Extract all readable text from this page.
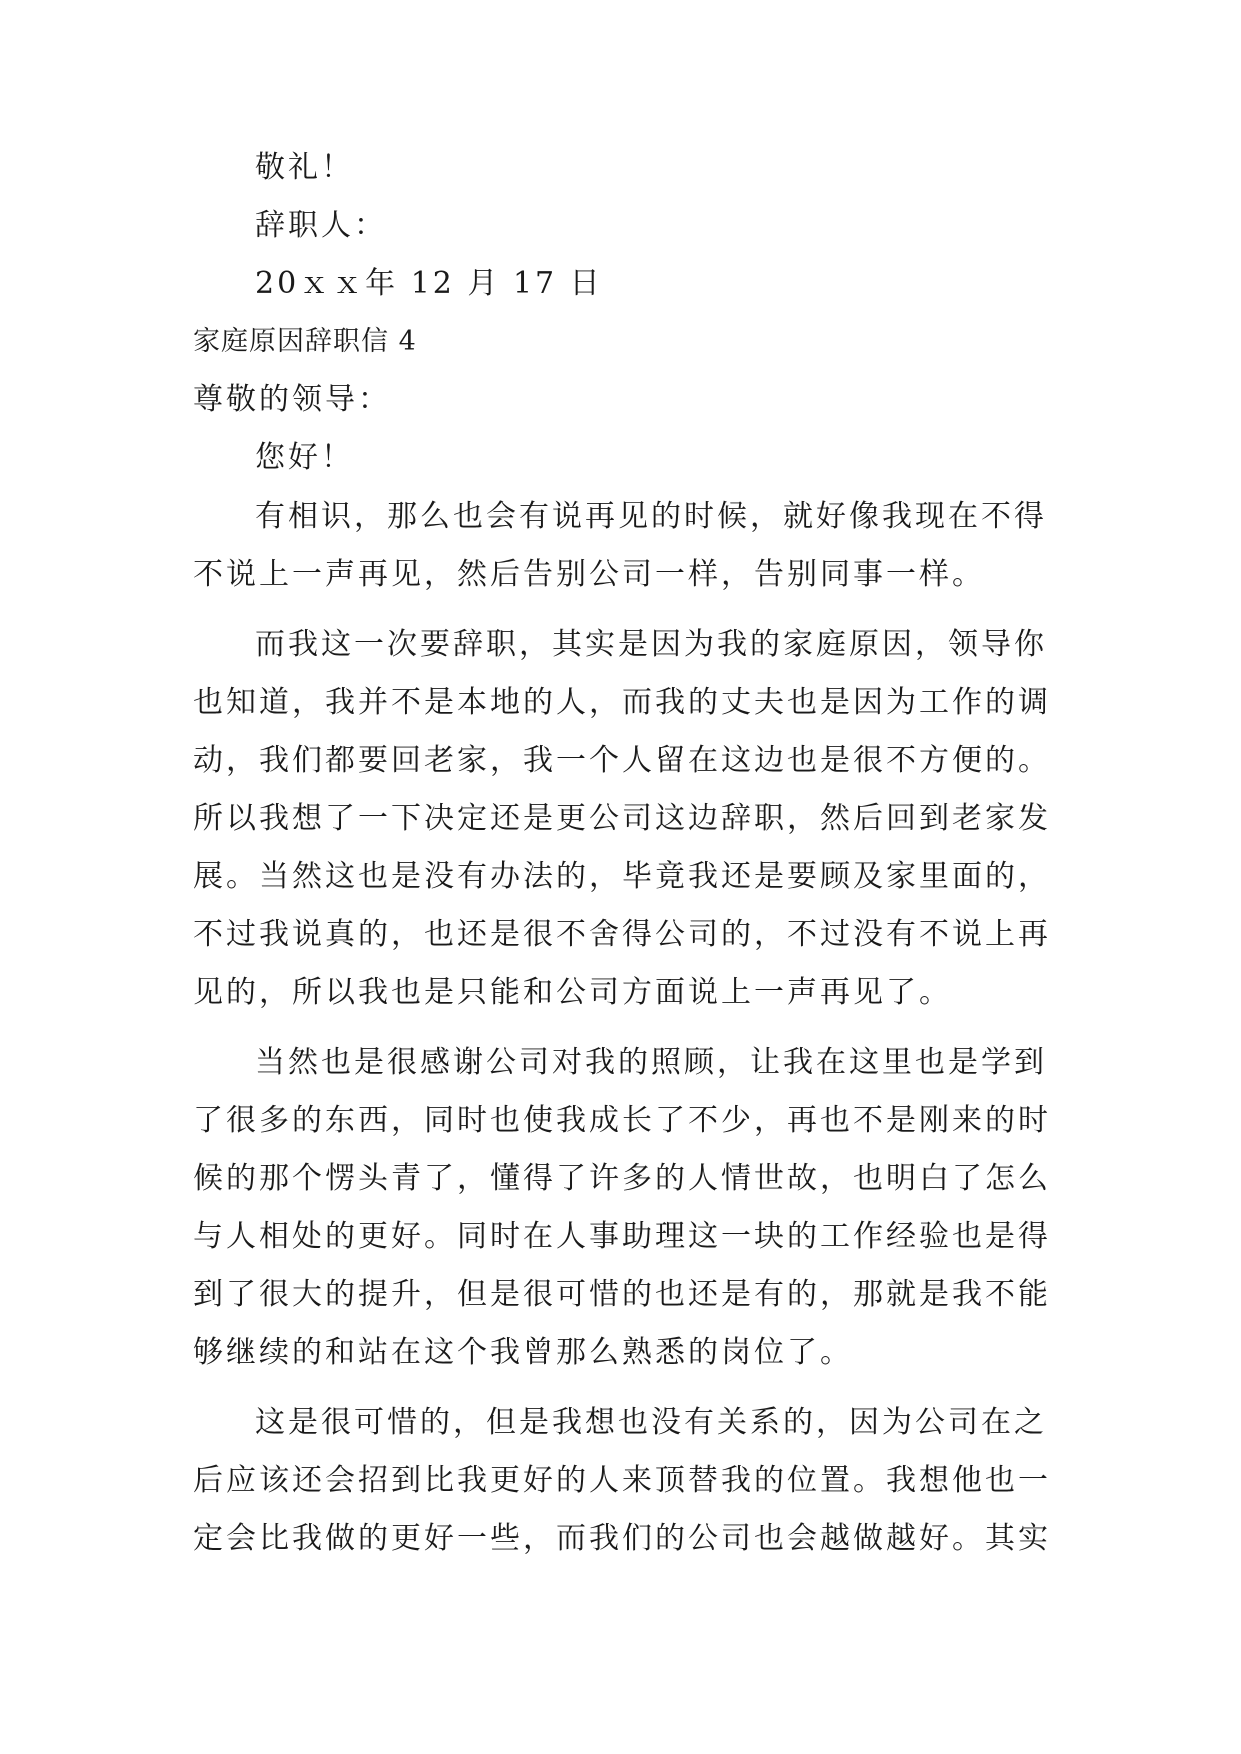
敬礼！
辞职人：
20ｘｘ年 12 月 17 日
家庭原因辞职信 4
尊敬的领导：
您好！
有相识，那么也会有说再见的时候，就好像我现在不得
不说上一声再见，然后告别公司一样，告别同事一样。
而我这一次要辞职，其实是因为我的家庭原因，领导你
也知道，我并不是本地的人，而我的丈夫也是因为工作的调
动，我们都要回老家，我一个人留在这边也是很不方便的。
所以我想了一下决定还是更公司这边辞职，然后回到老家发
展。当然这也是没有办法的，毕竟我还是要顾及家里面的，
不过我说真的，也还是很不舍得公司的，不过没有不说上再
见的，所以我也是只能和公司方面说上一声再见了。
当然也是很感谢公司对我的照顾，让我在这里也是学到
了很多的东西，同时也使我成长了不少，再也不是刚来的时
候的那个愣头青了，懂得了许多的人情世故，也明白了怎么
与人相处的更好。同时在人事助理这一块的工作经验也是得
到了很大的提升，但是很可惜的也还是有的，那就是我不能
够继续的和站在这个我曾那么熟悉的岗位了。
这是很可惜的，但是我想也没有关系的，因为公司在之
后应该还会招到比我更好的人来顶替我的位置。我想他也一
定会比我做的更好一些，而我们的公司也会越做越好。其实
